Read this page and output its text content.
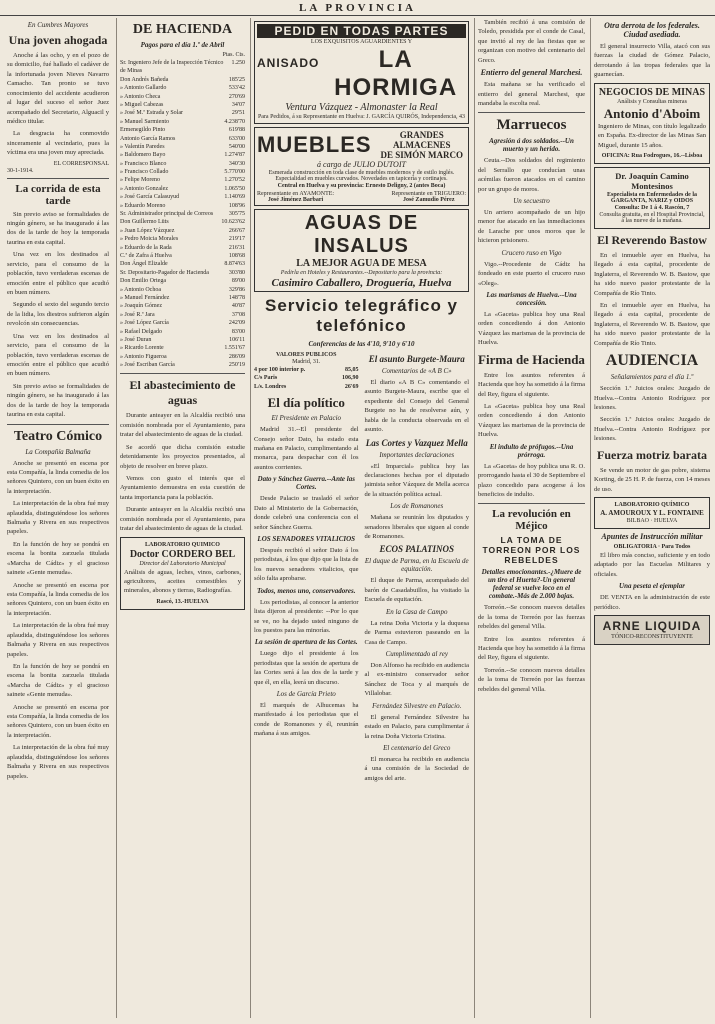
LA PROVINCIA
En Cumbres Mayores
Una joven ahogada
Anoche á las ocho, y en el pozo de su domicilio, fué hallado el cadáver de la infortunada joven Nieves Navarro Camacho. Tan pronto se tuvo conocimiento del accidente acudieron al lugar del suceso el señor Juez acompañado del Secretario, Alguacil y médico titular.
La desgracia ha conmovido sinceramente al vecindario, pues la víctima era una joven muy apreciada.
EL CORRESPONSAL
30-1-1914.
La corrida de esta tarde
Sin previo aviso se formalidades de ningún género, se ha inaugurado á las dos de la tarde de hoy la temporada taurina en esta capital.
Una vez en los destinados al servicio, para el consumo de la población, tuvo verdaderas escenas de emoción entre el público que acudió en buen número.
Segundo el sexto del segundo tercio de la lidia, los diestros sufrieron algún revolcón sin consecuencias.
Una vez en los destinados al servicio, para el consumo de la población, tuvo verdaderas escenas de emoción entre el público que acudió en buen número.
Sin previo aviso se formalidades de ningún género, se ha inaugurado á las dos de la tarde de hoy la temporada taurina en esta capital.
Teatro Cómico
La Compañía Balmaña
Anoche se presentó en escena por esta Compañía, la linda comedia de los señores Quintero, con un buen éxito en la interpretación.
La interpretación de la obra fué muy aplaudida, distinguiéndose los señores Balmaña y Rivera en sus respectivos papeles.
En la función de hoy se pondrá en escena la bonita zarzuela titulada «Marcha de Cádiz» y el gracioso sainete «Gente menuda».
Anoche se presentó en escena por esta Compañía, la linda comedia de los señores Quintero, con un buen éxito en la interpretación.
La interpretación de la obra fué muy aplaudida, distinguiéndose los señores Balmaña y Rivera en sus respectivos papeles.
En la función de hoy se pondrá en escena la bonita zarzuela titulada «Marcha de Cádiz» y el gracioso sainete «Gente menuda».
Anoche se presentó en escena por esta Compañía, la linda comedia de los señores Quintero, con un buen éxito en la interpretación.
La interpretación de la obra fué muy aplaudida, distinguiéndose los señores Balmaña y Rivera en sus respectivos papeles.
DE HACIENDA
Pagos para el día 1.º de Abril
Ptas. Cts.
Sr. Ingeniero Jefe de la Inspección Técnico de Minas
1.250
Don Andrés Bañeda	185'25
» Antonio Gallardo	533'42
» Antonio Checa	270'69
» Miguel Cabezas	34'07
» José M.ª Estrada y Solar	29'51
» Manuel Sarmiento	4.238'70
Ermenegildo Pinto	619'88
Antonio García Ramos	633'00
» Valentín Paredes	540'00
» Baldomero Bayo	1.274'87
» Francisco Blanco	340'30
» Francisco Collado	5.770'00
» Felipe Moreno	1.270'52
» Antonio Gonzalez	1.065'50
» José García Calasuyud	1.140'69
» Eduardo Moreno	108'96
Sr. Administrador principal de Correos	305'75
Don Guillermo Lüts	10.623'62
» Juan López Vázquez	266'67
» Pedro Moicia Morales	219'17
» Eduardo de la Rada	216'31
C.ª de Zafra á Huelva	108'68
Don Ángel Elizalde	8.874'63
Sr. Depositario-Pagador de Hacienda	303'80
Don Emilio Ortega	89'00
» Antonio Ochoa	329'86
» Manuel Fernández	148'78
» Joaquín Gómez	40'87
» José R.ª Jara	37'08
» José López García	242'09
» Rafael Delgado	83'00
» José Duran	106'11
» Ricardo Lorente	1.551'67
» Antonio Figueroa	286'09
» José Escriban García	250'19
El abastecimiento de aguas
Durante anteayer en la Alcaldía recibió una comisión nombrada por el Ayuntamiento, para tratar del abastecimiento de aguas de la ciudad.
Se acordó que dicha comisión estudie detenidamente los proyectos presentados, al objeto de resolver en breve plazo.
Vemos con gusto el interés que el Ayuntamiento demuestra en esta cuestión de tanta importancia para la población.
Durante anteayer en la Alcaldía recibió una comisión nombrada por el Ayuntamiento, para tratar del abastecimiento de aguas de la ciudad.
LABORATORIO QUIMICO
Doctor CORDERO BEL
Director del Laboratorio Municipal
Análisis de aguas, leches, vinos, carbones, agricultores, aceites comestibles y minerales, abonos y tierras, Radiografías.
Rascó, 13.-HUELVA
PEDID EN TODAS PARTES
LOS EXQUISITOS AGUARDIENTES Y
ANISADO	LA HORMIGA
Ventura Vázquez - Almonaster la Real
Para Pedidos, á su Representante en Huelva: J. GARCÍA QUIRÓS, Independencia, 43
MUEBLES	GRANDES ALMACENES
DE SIMÓN MARCO
á cargo de JULIO DUTOIT
Esmerada construcción en toda clase de muebles modernos y de estilo inglés. Especialidad en muebles curvados. Novedades en tapicería y cortinajes.
Central en Huelva y su provincia: Ernesto Deligny, 2 (antes Boca)
Representante en AYAMONTE:
José Jiménez Barbari
Representante en TRIGUERO:
José Zamudio Pérez
AGUAS DE INSALUS
LA MEJOR AGUA DE MESA
Pedirla en Hoteles y Restaurantes.--Depositario para la provincia:
Casimiro Caballero, Droguería, Huelva
Servicio telegráfico y telefónico
Conferencias de las 4'10, 9'10 y 6'10
VALORES PUBLICOS
Madrid, 31.
4 por 100 interior p.	85,05
C/s Paris	106,90
L/s. Londres	26'69
El día político
El Presidente en Palacio
Madrid 31.--El presidente del Consejo señor Dato, ha estado esta mañana en Palacio, cumplimentando al monarca, para despachar con él los asuntos corrientes.
Dato y Sánchez Guerra.--Ante las Cortes.
Desde Palacio se trasladó el señor Dato al Ministerio de la Gobernación, donde celebró una conferencia con el señor Sánchez Guerra.
LOS SENADORES VITALICIOS
Después recibió el señor Dato á los periodistas, á los que dijo que la lista de los nuevos senadores vitalicios, que sólo falta aprobarse.
Todos, menos uno, conservadores.
Los periodistas, al conocer la anterior lista dijeron al presidente: --Por lo que se ve, no ha dejado usted ninguno de los puestos para las minorías.
La sesión de apertura de las Cortes.
Luego dijo el presidente á los periodistas que la sesión de apertura de las Cortes será á las dos de la tarde y que él, en ella, leerá un discurso.
Los de García Prieto
El marqués de Alhucemas ha manifestado á los periodistas que el conde de Romanones y él, reunirán mañana á sus amigos.
El asunto Burgete-Maura
Comentarios de «A B C»
El diario «A B C» comentando el asunto Burgete-Maura, escribe que el expediente del Consejo del General Burgete no ha de resolverse aún, y habla de la conducta observada en el asunto.
Las Cortes y Vazquez Mella
Importantes declaraciones
«El Imparcial» publica hoy las declaraciones hechas por el diputado jaimista señor Vázquez de Mella acerca de la situación política actual.
Los de Romanones
Mañana se reunirán los diputados y senadores liberales que siguen al conde de Romanones.
ECOS PALATINOS
El duque de Parma, en la Escuela de equitación.
El duque de Parma, acompañado del barón de Casadabuillos, ha visitado la Escuela de equitación.
En la Casa de Campo
La reina Doña Victoria y la duquesa de Parma estuvieron paseando en la Casa de Campo.
Cumplimentado al rey
Don Alfonso ha recibido en audiencia al ex-ministro conservador señor Sánchez de Toca y al marqués de Villalobar.
Fernández Silvestre en Palacio.
El general Fernández Silvestre ha estado en Palacio, para cumplimentar á la reina Doña Victoria Cristina.
El centenario del Greco
El monarca ha recibido en audiencia á una comisión de la Sociedad de amigos del arte.
También recibió á una comisión de Toledo, presidida por el conde de Casal, que invitó al rey de las fiestas que se organizan con motivo del centenario del Greco.
Entierro del general Marchesi.
Esta mañana se ha verificado el entierro del general Marchesi, que mandaba la escolta real.
Marruecos
Agresión á dos soldados.--Un muerto y un herido.
Ceuta.--Dos soldados del regimiento del Serrallo que conducían unas acémilas fueron atacados en el camino por un grupo de moros.
Un secuestro
Un arriero acompañado de un hijo menor fue atacado en las inmediaciones de Larache por unos moros que le hicieron prisionero.
Crucero ruso en Vigo
Vigo.--Procedente de Cádiz ha fondeado en este puerto el crucero ruso «Oleg».
Las marismas de Huelva.--Una concesión.
La «Gaceta» publica hoy una Real orden concediendo á don Antonio Vázquez las marismas de la provincia de Huelva.
Firma de Hacienda
Entre los asuntos referentes á Hacienda que hoy ha sometido á la firma del Rey, figura el siguiente.
La «Gaceta» publica hoy una Real orden concediendo á don Antonio Vázquez las marismas de la provincia de Huelva.
El indulto de prófugos.--Una prórroga.
La «Gaceta» de hoy publica una R. O. prorrogando hasta el 30 de Septiembre el plazo concedido para acogerse á los beneficios de indulto.
La revolución en Méjico
LA TOMA DE TORREON POR LOS REBELDES
Detalles emocionantes.-¿Muere de un tiro el Huerta?-Un general federal se vuelve loco en el combate.-Más de 2.000 bajas.
Torreón.--Se conocen nuevos detalles de la toma de Torreón por las fuerzas rebeldes del general Villa.
Entre los asuntos referentes á Hacienda que hoy ha sometido á la firma del Rey, figura el siguiente.
Torreón.--Se conocen nuevos detalles de la toma de Torreón por las fuerzas rebeldes del general Villa.
Otra derrota de los federales. Ciudad asediada.
El general insurrecto Villa, atacó con sus fuerzas la ciudad de Gómez Palacio, derrotando á las tropas federales que la guarnecían.
NEGOCIOS DE MINAS
Análisis y Consultas mineras
Antonio d'Aboim
Ingeniero de Minas, con título legalizado en España. Ex-director de las Minas San Miguel, durante 15 años.
OFICINA: Rua Fodrogues, 16.--Lisboa
Dr. Joaquín Camino Montesinos
Especialista en Enfermedades de la GARGANTA, NARIZ y OIDOS
Consulta: De 1 á 4. Rascón, 7
Consulta gratuita, en el Hospital Provincial, á las nueve de la mañana.
El Reverendo Bastow
En el inmueble ayer en Huelva, ha llegado á esta capital, procedente de Inglaterra, el Reverendo W. B. Bastow, que ha sido nuevo pastor protestante de la Compañía de Río Tinto.
En el inmueble ayer en Huelva, ha llegado á esta capital, procedente de Inglaterra, el Reverendo W. B. Bastow, que ha sido nuevo pastor protestante de la Compañía de Río Tinto.
AUDIENCIA
Señalamientos para el día 1.º
Sección 1.ª Juicios orales: Juzgado de Huelva.--Contra Antonio Rodríguez por lesiones.
Sección 1.ª Juicios orales: Juzgado de Huelva.--Contra Antonio Rodríguez por lesiones.
Fuerza motriz barata
Se vende un motor de gas pobre, sistema Korting, de 25 H. P. de fuerza, con 14 meses de uso.
LABORATORIO QUÍMICO
A. AMOUROUX Y L. FONTAINE
BILBAO · HUELVA
Apuntes de Instrucción militar
OBLIGATORIA · Para Todos
El libro más conciso, suficiente y en todo adaptado por las Escuelas Militares y oficiales.
Una peseta el ejemplar
DE VENTA en la administración de este periódico.
ARNE LIQUIDA
TÓNICO-RECONSTITUYENTE
